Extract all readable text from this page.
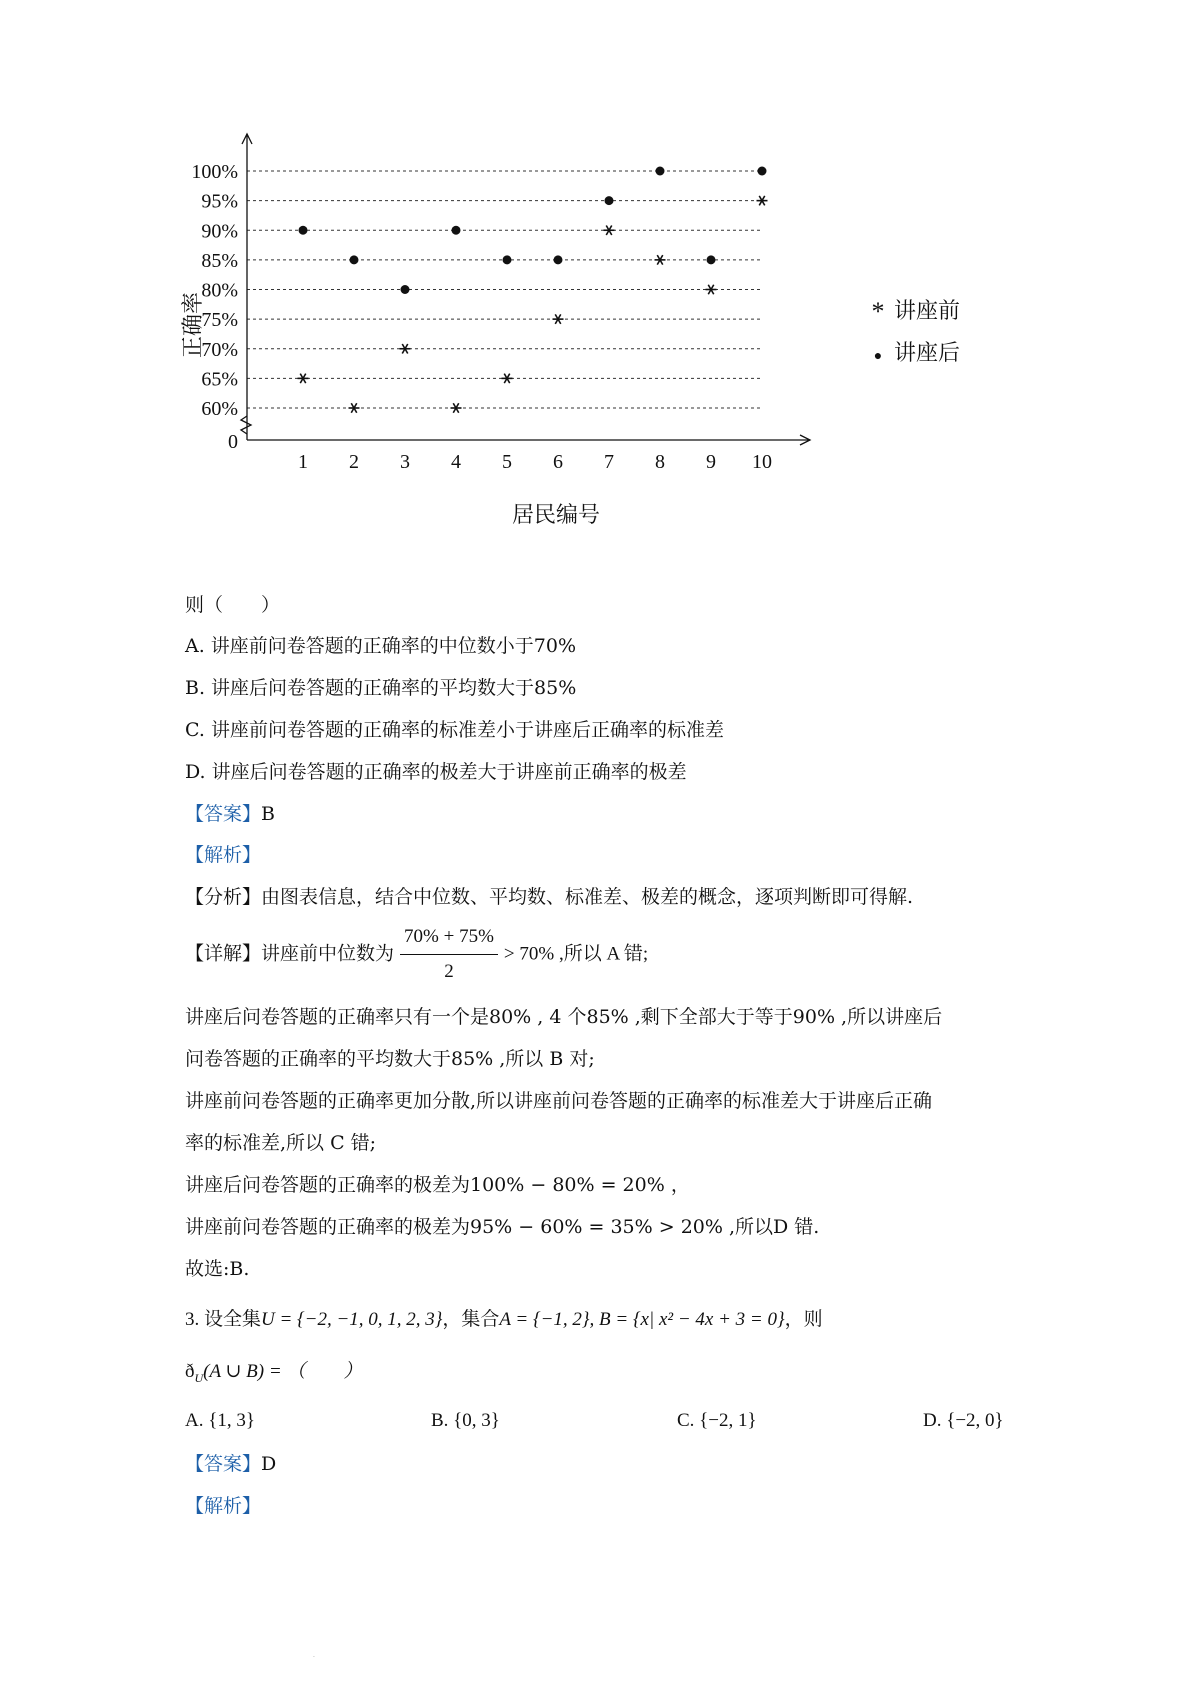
0
60%
65%
70%
75%
80%
85%
90%
95%
100%
1 2 3 4 5 6 7 8 9 10
居民编号
正确率	* 讲座前
● 讲座后
则（　　）
A. 讲座前问卷答题的正确率的中位数小于70%
B. 讲座后问卷答题的正确率的平均数大于85%
C. 讲座前问卷答题的正确率的标准差小于讲座后正确率的标准差
D. 讲座后问卷答题的正确率的极差大于讲座前正确率的极差
【答案】B
【解析】
【分析】由图表信息，结合中位数、平均数、标准差、极差的概念，逐项判断即可得解.
【详解】讲座前中位数为 $\frac{70\% + 75\%}{2} > 70\%$ ,所以 A 错;
讲座后问卷答题的正确率只有一个是80% , 4 个85% ,剩下全部大于等于90% ,所以讲座后
问卷答题的正确率的平均数大于85% ,所以 B 对;
讲座前问卷答题的正确率更加分散,所以讲座前问卷答题的正确率的标准差大于讲座后正确
率的标准差,所以 C 错;
讲座后问卷答题的正确率的极差为100% − 80% = 20% ，
讲座前问卷答题的正确率的极差为95% − 60% = 35% > 20% ,所以D 错.
故选:B.
3. 设全集U = {−2, −1, 0, 1, 2, 3}，集合A = {−1, 2}, B = {x| x² − 4x + 3 = 0}，则
$ð_U(A$ ∪ B) = （　　）
A. {1, 3}	B. {0, 3}	C. {−2, 1}	D. {−2, 0}
【答案】D
【解析】
.
